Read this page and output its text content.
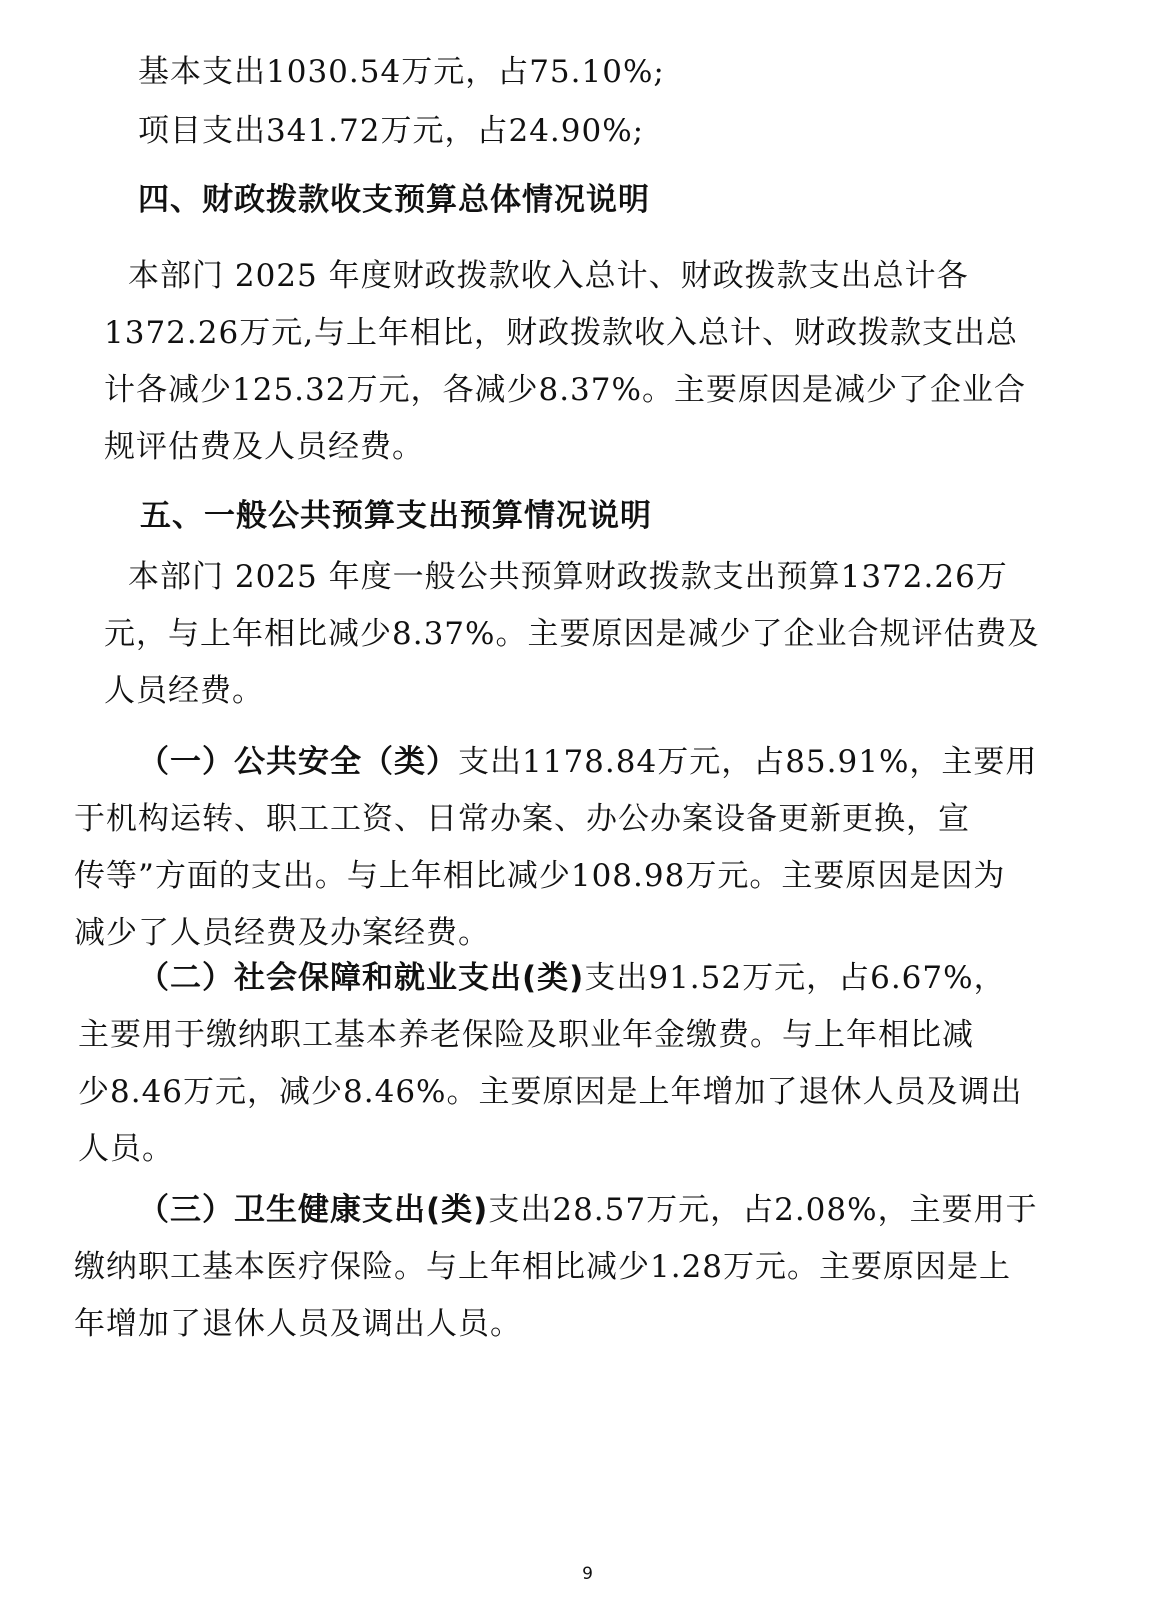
基本支出1030.54万元，占75.10%;
项目支出341.72万元，占24.90%;
四、财政拨款收支预算总体情况说明
本部门 2025 年度财政拨款收入总计、财政拨款支出总计各
1372.26万元,与上年相比，财政拨款收入总计、财政拨款支出总
计各减少125.32万元，各减少8.37%。主要原因是减少了企业合
规评估费及人员经费。
五、一般公共预算支出预算情况说明
本部门 2025 年度一般公共预算财政拨款支出预算1372.26万
元，与上年相比减少8.37%。主要原因是减少了企业合规评估费及
人员经费。
（一）公共安全（类）支出1178.84万元，占85.91%，主要用
于机构运转、职工工资、日常办案、办公办案设备更新更换，宣
传等”方面的支出。与上年相比减少108.98万元。主要原因是因为
减少了人员经费及办案经费。
（二）社会保障和就业支出(类)支出91.52万元，占6.67%，
主要用于缴纳职工基本养老保险及职业年金缴费。与上年相比减
少8.46万元，减少8.46%。主要原因是上年增加了退休人员及调出
人员。
（三）卫生健康支出(类)支出28.57万元，占2.08%，主要用于
缴纳职工基本医疗保险。与上年相比减少1.28万元。主要原因是上
年增加了退休人员及调出人员。
9
